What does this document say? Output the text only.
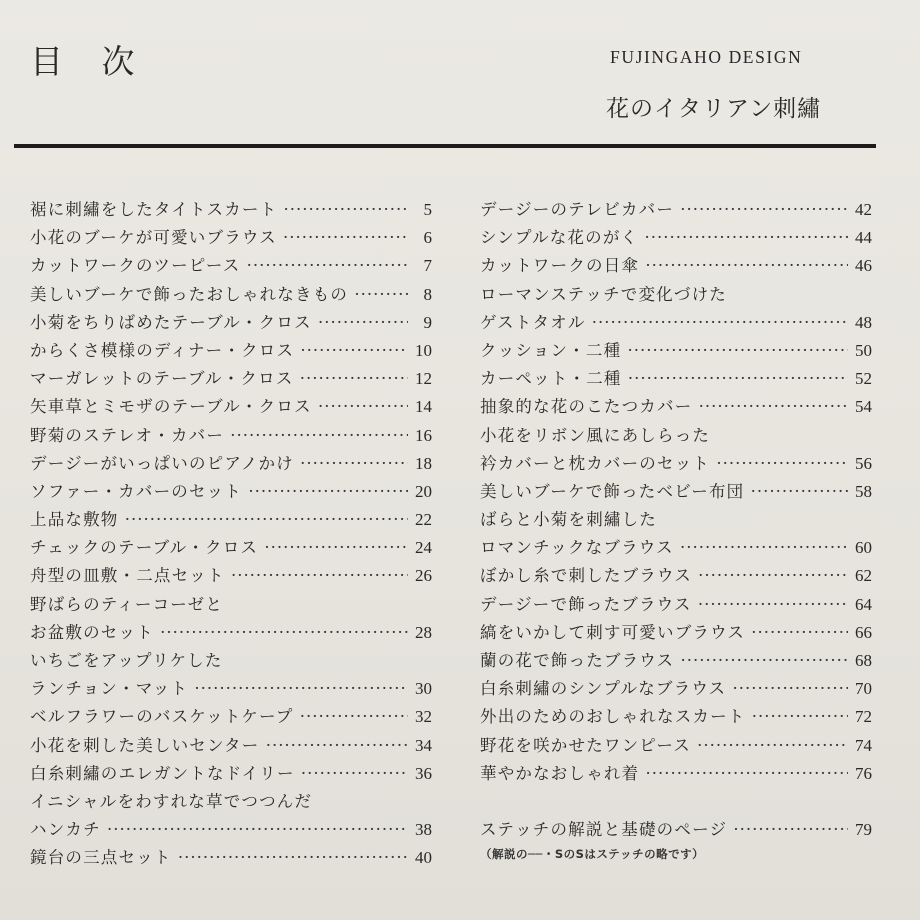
目 次	FUJINGAHO DESIGN
花のイタリアン刺繡
裾に刺繡をしたタイトスカート ·····	5
小花のブーケが可愛いブラウス ·····	6
カットワークのツーピース ·····	7
美しいブーケで飾ったおしゃれなきもの ·····	8
小菊をちりばめたテーブル・クロス ·····	9
からくさ模様のディナー・クロス ·····	10
マーガレットのテーブル・クロス ·····	12
矢車草とミモザのテーブル・クロス ·····	14
野菊のステレオ・カバー ·····	16
デージーがいっぱいのピアノかけ ·····	18
ソファー・カバーのセット ·····	20
上品な敷物 ·····	22
チェックのテーブル・クロス ·····	24
舟型の皿敷・二点セット ·····	26
野ばらのティーコーゼと
お盆敷のセット ·····	28
いちごをアップリケした
ランチョン・マット ·····	30
ベルフラワーのバスケットケープ ·····	32
小花を刺した美しいセンター ·····	34
白糸刺繡のエレガントなドイリー ·····	36
イニシャルをわすれな草でつつんだ
ハンカチ ·····	38
鏡台の三点セット ·····	40
デージーのテレビカバー ·····	42
シンプルな花のがく ·····	44
カットワークの日傘 ·····	46
ローマンステッチで変化づけた
ゲストタオル ·····	48
クッション・二種 ·····	50
カーペット・二種 ·····	52
抽象的な花のこたつカバー ·····	54
小花をリボン風にあしらった
衿カバーと枕カバーのセット ·····	56
美しいブーケで飾ったベビー布団 ·····	58
ばらと小菊を刺繡した
ロマンチックなブラウス ·····	60
ぼかし糸で刺したブラウス ·····	62
デージーで飾ったブラウス ·····	64
縞をいかして刺す可愛いブラウス ·····	66
蘭の花で飾ったブラウス ·····	68
白糸刺繡のシンプルなブラウス ·····	70
外出のためのおしゃれなスカート ·····	72
野花を咲かせたワンピース ·····	74
華やかなおしゃれ着 ·····	76
ステッチの解説と基礎のページ ·····	79
（解説の──・SのSはステッチの略です）
